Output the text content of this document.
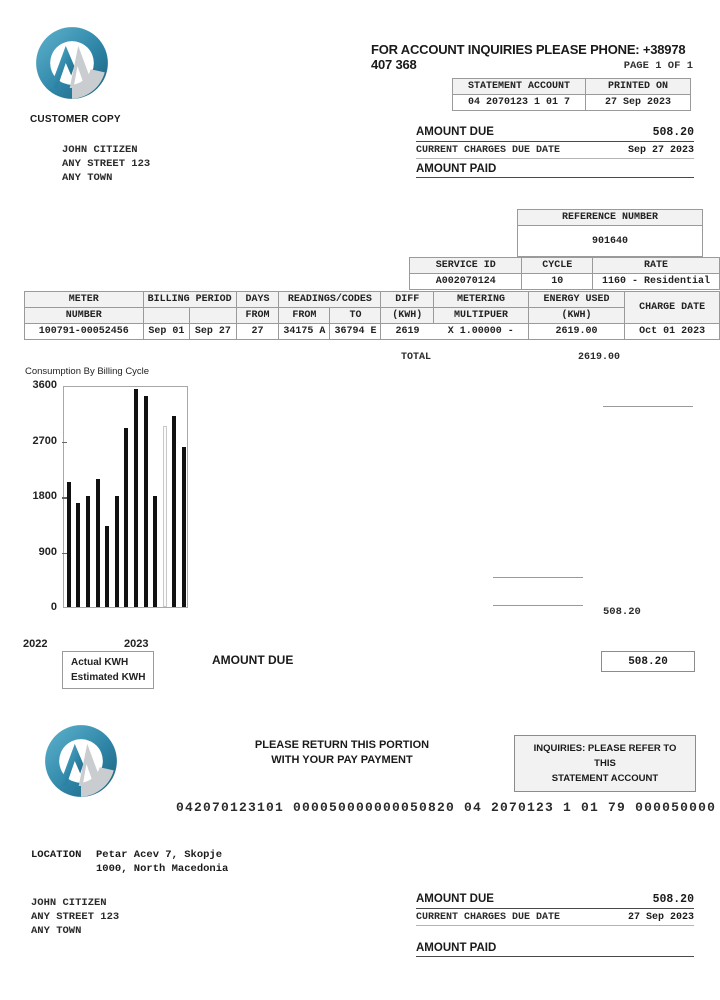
CUSTOMER COPY
JOHN CITIZEN
ANY STREET 123
ANY TOWN
FOR ACCOUNT INQUIRIES PLEASE PHONE: +38978 407 368	PAGE 1 OF 1
STATEMENT ACCOUNT	PRINTED ON
04 2070123 1 01 7	27 Sep 2023
AMOUNT DUE	508.20
CURRENT CHARGES DUE DATE	Sep 27 2023
AMOUNT PAID
REFERENCE NUMBER
901640
SERVICE ID	CYCLE	RATE
A002070124	10	1160 - Residential
METER	BILLING PERIOD		DAYS	READINGS/CODES		DIFF	METERING	ENERGY USED	CHARGE DATE
NUMBER			FROM	FROM	TO	(KWH)	MULTIPUER	(KWH)	
100791-00052456	Sep 01	Sep 27	27	34175 A	36794 E	2619	X 1.00000 -	2619.00	Oct 01 2023
TOTAL	2619.00
Consumption By Billing Cycle
0
900
1800
2700
3600
2022	2023
Actual KWH
Estimated KWH
508.20
AMOUNT DUE	508.20
PLEASE RETURN THIS PORTION
WITH YOUR PAY PAYMENT
INQUIRIES: PLEASE REFER TO THIS
STATEMENT ACCOUNT
042070123101 000050000000050820 04 2070123 1 01 79 000050000
LOCATION Petar Acev 7, Skopje
1000, North Macedonia
JOHN CITIZEN
ANY STREET 123
ANY TOWN
AMOUNT DUE	508.20
CURRENT CHARGES DUE DATE	27 Sep 2023
AMOUNT PAID
